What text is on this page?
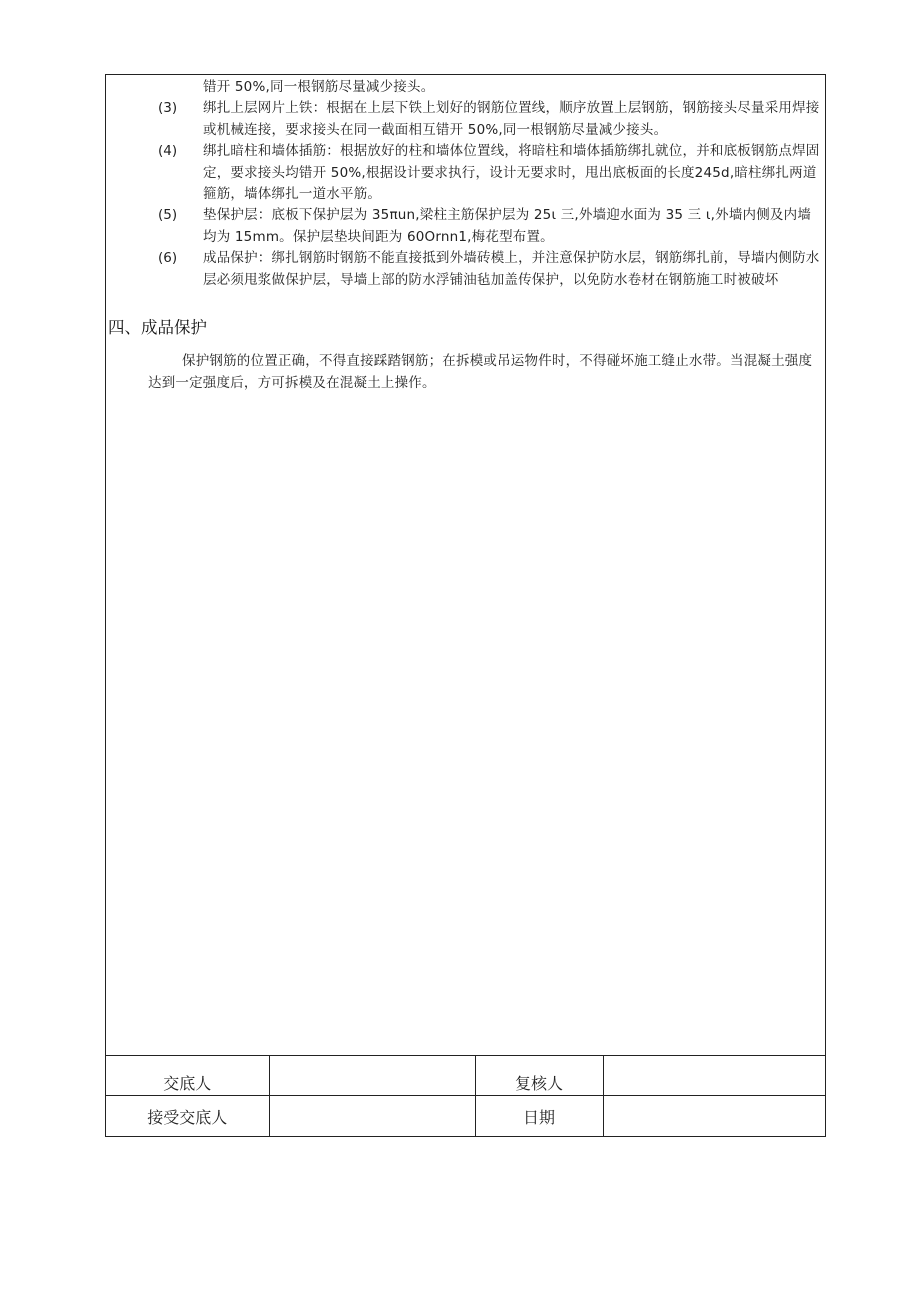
错开 50%,同一根钢筋尽量减少接头。
(3) 绑扎上层网片上铁：根据在上层下铁上划好的钢筋位置线，顺序放置上层钢筋，钢筋接头尽量采用焊接或机械连接，要求接头在同一截面相互错开 50%,同一根钢筋尽量减少接头。
(4) 绑扎暗柱和墙体插筋：根据放好的柱和墙体位置线，将暗柱和墙体插筋绑扎就位，并和底板钢筋点焊固定，要求接头均错开 50%,根据设计要求执行，设计无要求时，甩出底板面的长度245d,暗柱绑扎两道箍筋，墙体绑扎一道水平筋。
(5) 垫保护层：底板下保护层为 35πun,梁柱主筋保护层为 25ι 三,外墙迎水面为 35 三 ι,外墙内侧及内墙均为 15mm。保护层垫块间距为 60Ornn1,梅花型布置。
(6) 成品保护：绑扎钢筋时钢筋不能直接抵到外墙砖模上，并注意保护防水层，钢筋绑扎前，导墙内侧防水层必须甩浆做保护层，导墙上部的防水浮铺油毡加盖传保护，以免防水卷材在钢筋施工时被破坏
四、成品保护
保护钢筋的位置正确，不得直接踩踏钢筋；在拆模或吊运物件时，不得碰坏施工缝止水带。当混凝土强度达到一定强度后，方可拆模及在混凝土上操作。
交底人		复核人	
接受交底人		日期	
